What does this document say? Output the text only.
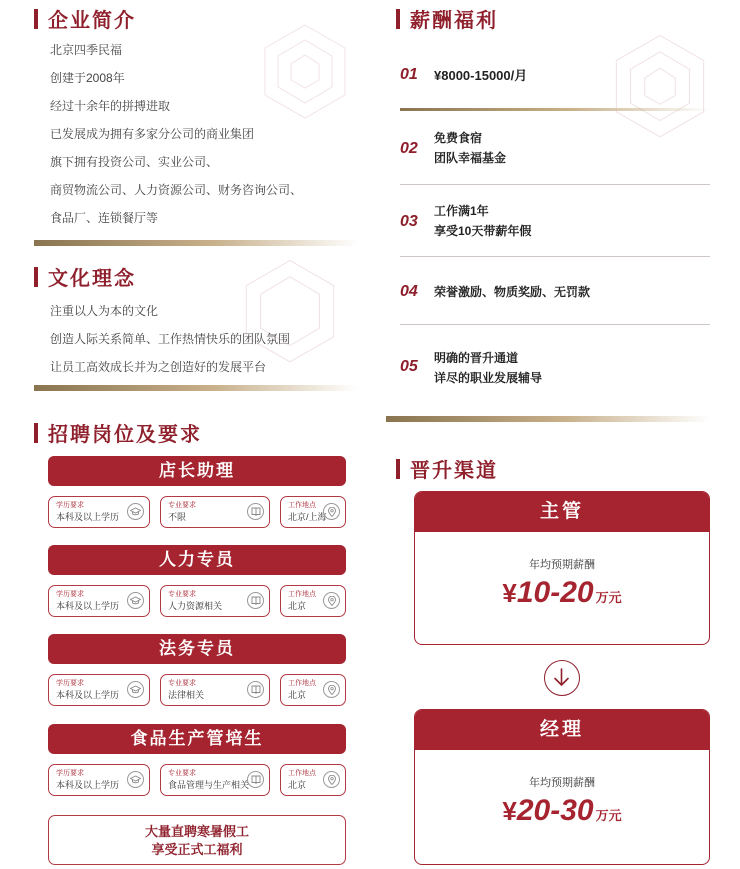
企业简介
北京四季民福
创建于2008年
经过十余年的拼搏进取
已发展成为拥有多家分公司的商业集团
旗下拥有投资公司、实业公司、
商贸物流公司、人力资源公司、财务咨询公司、
食品厂、连锁餐厅等
文化理念
注重以人为本的文化
创造人际关系简单、工作热情快乐的团队氛围
让员工高效成长并为之创造好的发展平台
招聘岗位及要求
店长助理
学历要求
本科及以上学历
专业要求
不限
工作地点
北京/上海
人力专员
学历要求
本科及以上学历
专业要求
人力资源相关
工作地点
北京
法务专员
学历要求
本科及以上学历
专业要求
法律相关
工作地点
北京
食品生产管培生
学历要求
本科及以上学历
专业要求
食品管理与生产相关
工作地点
北京
大量直聘寒暑假工
享受正式工福利
薪酬福利
01 ¥8000-15000/月
02
免费食宿
团队幸福基金
03
工作满1年
享受10天带薪年假
04 荣誉激励、物质奖励、无罚款
05 明确的晋升通道
详尽的职业发展辅导
晋升渠道
主管
年均预期薪酬
¥10-20 万元
经理
年均预期薪酬
¥20-30 万元
